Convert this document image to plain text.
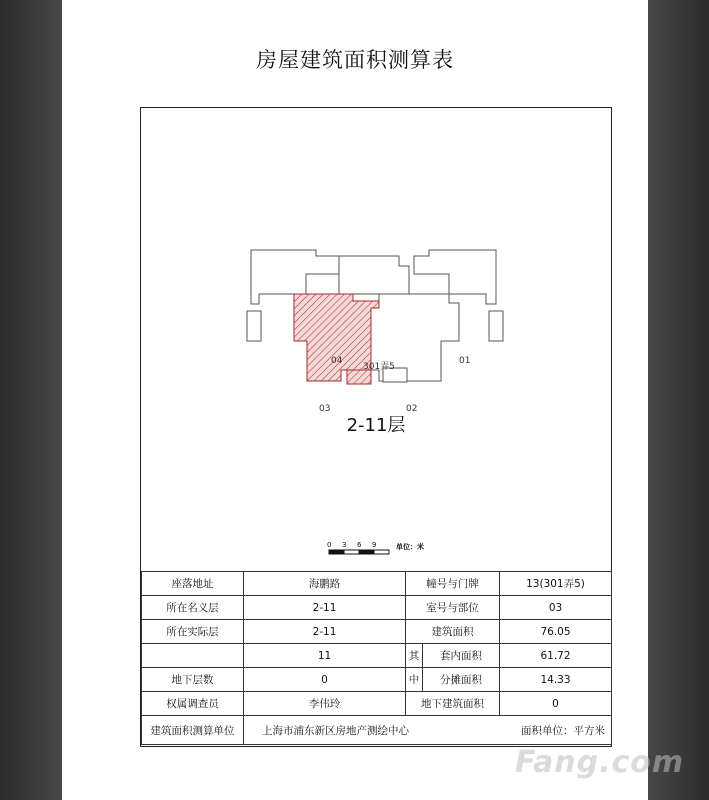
房屋建筑面积测算表
04	01
03	02
301弄5
2-11层
0 3 6 9	单位：米
座落地址	海鹏路	幢号与门牌		13(301弄5)
所在名义层	2-11	室号与部位		03
所在实际层	2-11	建筑面积		76.05
	11	其	套内面积	61.72
地下层数	0	中	分摊面积	14.33
权属调查员	李伟玲	地下建筑面积		0
建筑面积测算单位	上海市浦东新区房地产测绘中心 面积单位：平方米			
Fang.com
